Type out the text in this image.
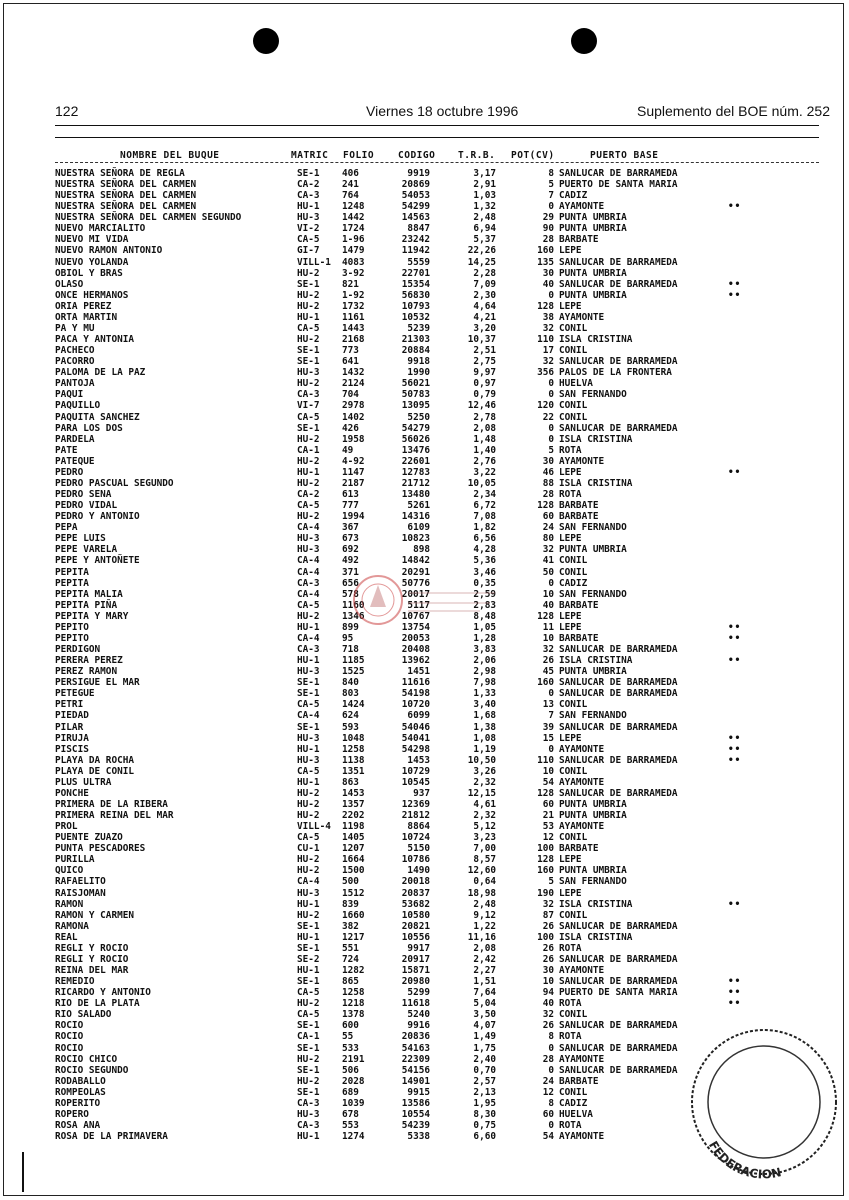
122	Viernes 18 octubre 1996	Suplemento del BOE núm. 252
NOMBRE DEL BUQUE	MATRIC FOLIO	CODIGO T.R.B. POT(CV)	PUERTO BASE
NUESTRA SEÑORA DE REGLA	SE-1 406	9919	3,17	8 SANLUCAR DE BARRAMEDA
NUESTRA SEÑORA DEL CARMEN	CA-2 241	20869	2,91	5 PUERTO DE SANTA MARIA
NUESTRA SEÑORA DEL CARMEN	CA-3 764	54053	1,03	7 CADIZ
NUESTRA SEÑORA DEL CARMEN	HU-1 1248	54299	1,32	0 AYAMONTE	••
NUESTRA SEÑORA DEL CARMEN SEGUNDO	HU-3 1442	14563	2,48	29 PUNTA UMBRIA
NUEVO MARCIALITO	VI-2 1724	8847	6,94	90 PUNTA UMBRIA
NUEVO MI VIDA	CA-5 1-96	23242	5,37	28 BARBATE
NUEVO RAMON ANTONIO	GI-7 1479	11942	22,26	160 LEPE
NUEVO YOLANDA	VILL-1 4083	5559	14,25	135 SANLUCAR DE BARRAMEDA
OBIOL Y BRAS	HU-2 3-92	22701	2,28	30 PUNTA UMBRIA
OLASO	SE-1 821	15354	7,09	40 SANLUCAR DE BARRAMEDA	••
ONCE HERMANOS	HU-2 1-92	56830	2,30	0 PUNTA UMBRIA	••
ORIA PEREZ	HU-2 1732	10793	4,64	128 LEPE
ORTA MARTIN	HU-1 1161	10532	4,21	38 AYAMONTE
PA Y MU	CA-5 1443	5239	3,20	32 CONIL
PACA Y ANTONIA	HU-2 2168	21303	10,37	110 ISLA CRISTINA
PACHECO	SE-1 773	20884	2,51	17 CONIL
PACORRO	SE-1 641	9918	2,75	32 SANLUCAR DE BARRAMEDA
PALOMA DE LA PAZ	HU-3 1432	1990	9,97	356 PALOS DE LA FRONTERA
PANTOJA	HU-2 2124	56021	0,97	0 HUELVA
PAQUI	CA-3 704	50783	0,79	0 SAN FERNANDO
PAQUILLO	VI-7 2978	13095	12,46	120 CONIL
PAQUITA SANCHEZ	CA-5 1402	5250	2,78	22 CONIL
PARA LOS DOS	SE-1 426	54279	2,08	0 SANLUCAR DE BARRAMEDA
PARDELA	HU-2 1958	56026	1,48	0 ISLA CRISTINA
PATE	CA-1 49	13476	1,40	5 ROTA
PATEQUE	HU-2 4-92	22601	2,76	30 AYAMONTE
PEDRO	HU-1 1147	12783	3,22	46 LEPE	••
PEDRO PASCUAL SEGUNDO	HU-2 2187	21712	10,05	88 ISLA CRISTINA
PEDRO SENA	CA-2 613	13480	2,34	28 ROTA
PEDRO VIDAL	CA-5 777	5261	6,72	128 BARBATE
PEDRO Y ANTONIO	HU-2 1994	14316	7,08	60 BARBATE
PEPA	CA-4 367	6109	1,82	24 SAN FERNANDO
PEPE LUIS	HU-3 673	10823	6,56	80 LEPE
PEPE VARELA	HU-3 692	898	4,28	32 PUNTA UMBRIA
PEPE Y ANTOÑETE	CA-4 492	14842	5,36	41 CONIL
PEPITA	CA-4 371	20291	3,46	50 CONIL
PEPITA	CA-3 656	50776	0,35	0 CADIZ
PEPITA MALIA	CA-4 578	20017	2,59	10 SAN FERNANDO
PEPITA PIÑA	CA-5 1160	5117	2,83	40 BARBATE
PEPITA Y MARY	HU-2 1346	10767	8,48	128 LEPE
PEPITO	HU-1 899	13754	1,05	11 LEPE	••
PEPITO	CA-4 95	20053	1,28	10 BARBATE	••
PERDIGON	CA-3 718	20408	3,83	32 SANLUCAR DE BARRAMEDA
PERERA PEREZ	HU-1 1185	13962	2,06	26 ISLA CRISTINA	••
PEREZ RAMON	HU-3 1525	1451	2,98	45 PUNTA UMBRIA
PERSIGUE EL MAR	SE-1 840	11616	7,98	160 SANLUCAR DE BARRAMEDA
PETEGUE	SE-1 803	54198	1,33	0 SANLUCAR DE BARRAMEDA
PETRI	CA-5 1424	10720	3,40	13 CONIL
PIEDAD	CA-4 624	6099	1,68	7 SAN FERNANDO
PILAR	SE-1 593	54046	1,38	39 SANLUCAR DE BARRAMEDA
PIRUJA	HU-3 1048	54041	1,08	15 LEPE	••
PISCIS	HU-1 1258	54298	1,19	0 AYAMONTE	••
PLAYA DA ROCHA	HU-3 1138	1453	10,50	110 SANLUCAR DE BARRAMEDA	••
PLAYA DE CONIL	CA-5 1351	10729	3,26	10 CONIL
PLUS ULTRA	HU-1 863	10545	2,32	54 AYAMONTE
PONCHE	HU-2 1453	937	12,15	128 SANLUCAR DE BARRAMEDA
PRIMERA DE LA RIBERA	HU-2 1357	12369	4,61	60 PUNTA UMBRIA
PRIMERA REINA DEL MAR	HU-2 2202	21812	2,32	21 PUNTA UMBRIA
PROL	VILL-4 1198	8864	5,12	53 AYAMONTE
PUENTE ZUAZO	CA-5 1405	10724	3,23	12 CONIL
PUNTA PESCADORES	CU-1 1207	5150	7,00	100 BARBATE
PURILLA	HU-2 1664	10786	8,57	128 LEPE
QUICO	HU-2 1500	1490	12,60	160 PUNTA UMBRIA
RAFAELITO	CA-4 500	20018	0,64	5 SAN FERNANDO
RAISJOMAN	HU-3 1512	20837	18,98	190 LEPE
RAMON	HU-1 839	53682	2,48	32 ISLA CRISTINA	••
RAMON Y CARMEN	HU-2 1660	10580	9,12	87 CONIL
RAMONA	SE-1 382	20821	1,22	26 SANLUCAR DE BARRAMEDA
REAL	HU-1 1217	10556	11,16	100 ISLA CRISTINA
REGLI Y ROCIO	SE-1 551	9917	2,08	26 ROTA
REGLI Y ROCIO	SE-2 724	20917	2,42	26 SANLUCAR DE BARRAMEDA
REINA DEL MAR	HU-1 1282	15871	2,27	30 AYAMONTE
REMEDIO	SE-1 865	20980	1,51	10 SANLUCAR DE BARRAMEDA	••
RICARDO Y ANTONIO	CA-5 1258	5299	7,64	94 PUERTO DE SANTA MARIA	••
RIO DE LA PLATA	HU-2 1218	11618	5,04	40 ROTA	••
RIO SALADO	CA-5 1378	5240	3,50	32 CONIL
ROCIO	SE-1 600	9916	4,07	26 SANLUCAR DE BARRAMEDA
ROCIO	CA-1 55	20836	1,49	8 ROTA
ROCIO	SE-1 533	54163	1,75	0 SANLUCAR DE BARRAMEDA
ROCIO CHICO	HU-2 2191	22309	2,40	28 AYAMONTE
ROCIO SEGUNDO	SE-1 506	54156	0,70	0 SANLUCAR DE BARRAMEDA
RODABALLO	HU-2 2028	14901	2,57	24 BARBATE
ROMPEOLAS	SE-1 689	9915	2,13	12 CONIL
ROPERITO	CA-3 1039	13586	1,95	8 CADIZ
ROPERO	HU-3 678	10554	8,30	60 HUELVA
ROSA ANA	CA-3 553	54239	0,75	0 ROTA
ROSA DE LA PRIMAVERA	HU-1 1274	5338	6,60	54 AYAMONTE
FEDERACION
